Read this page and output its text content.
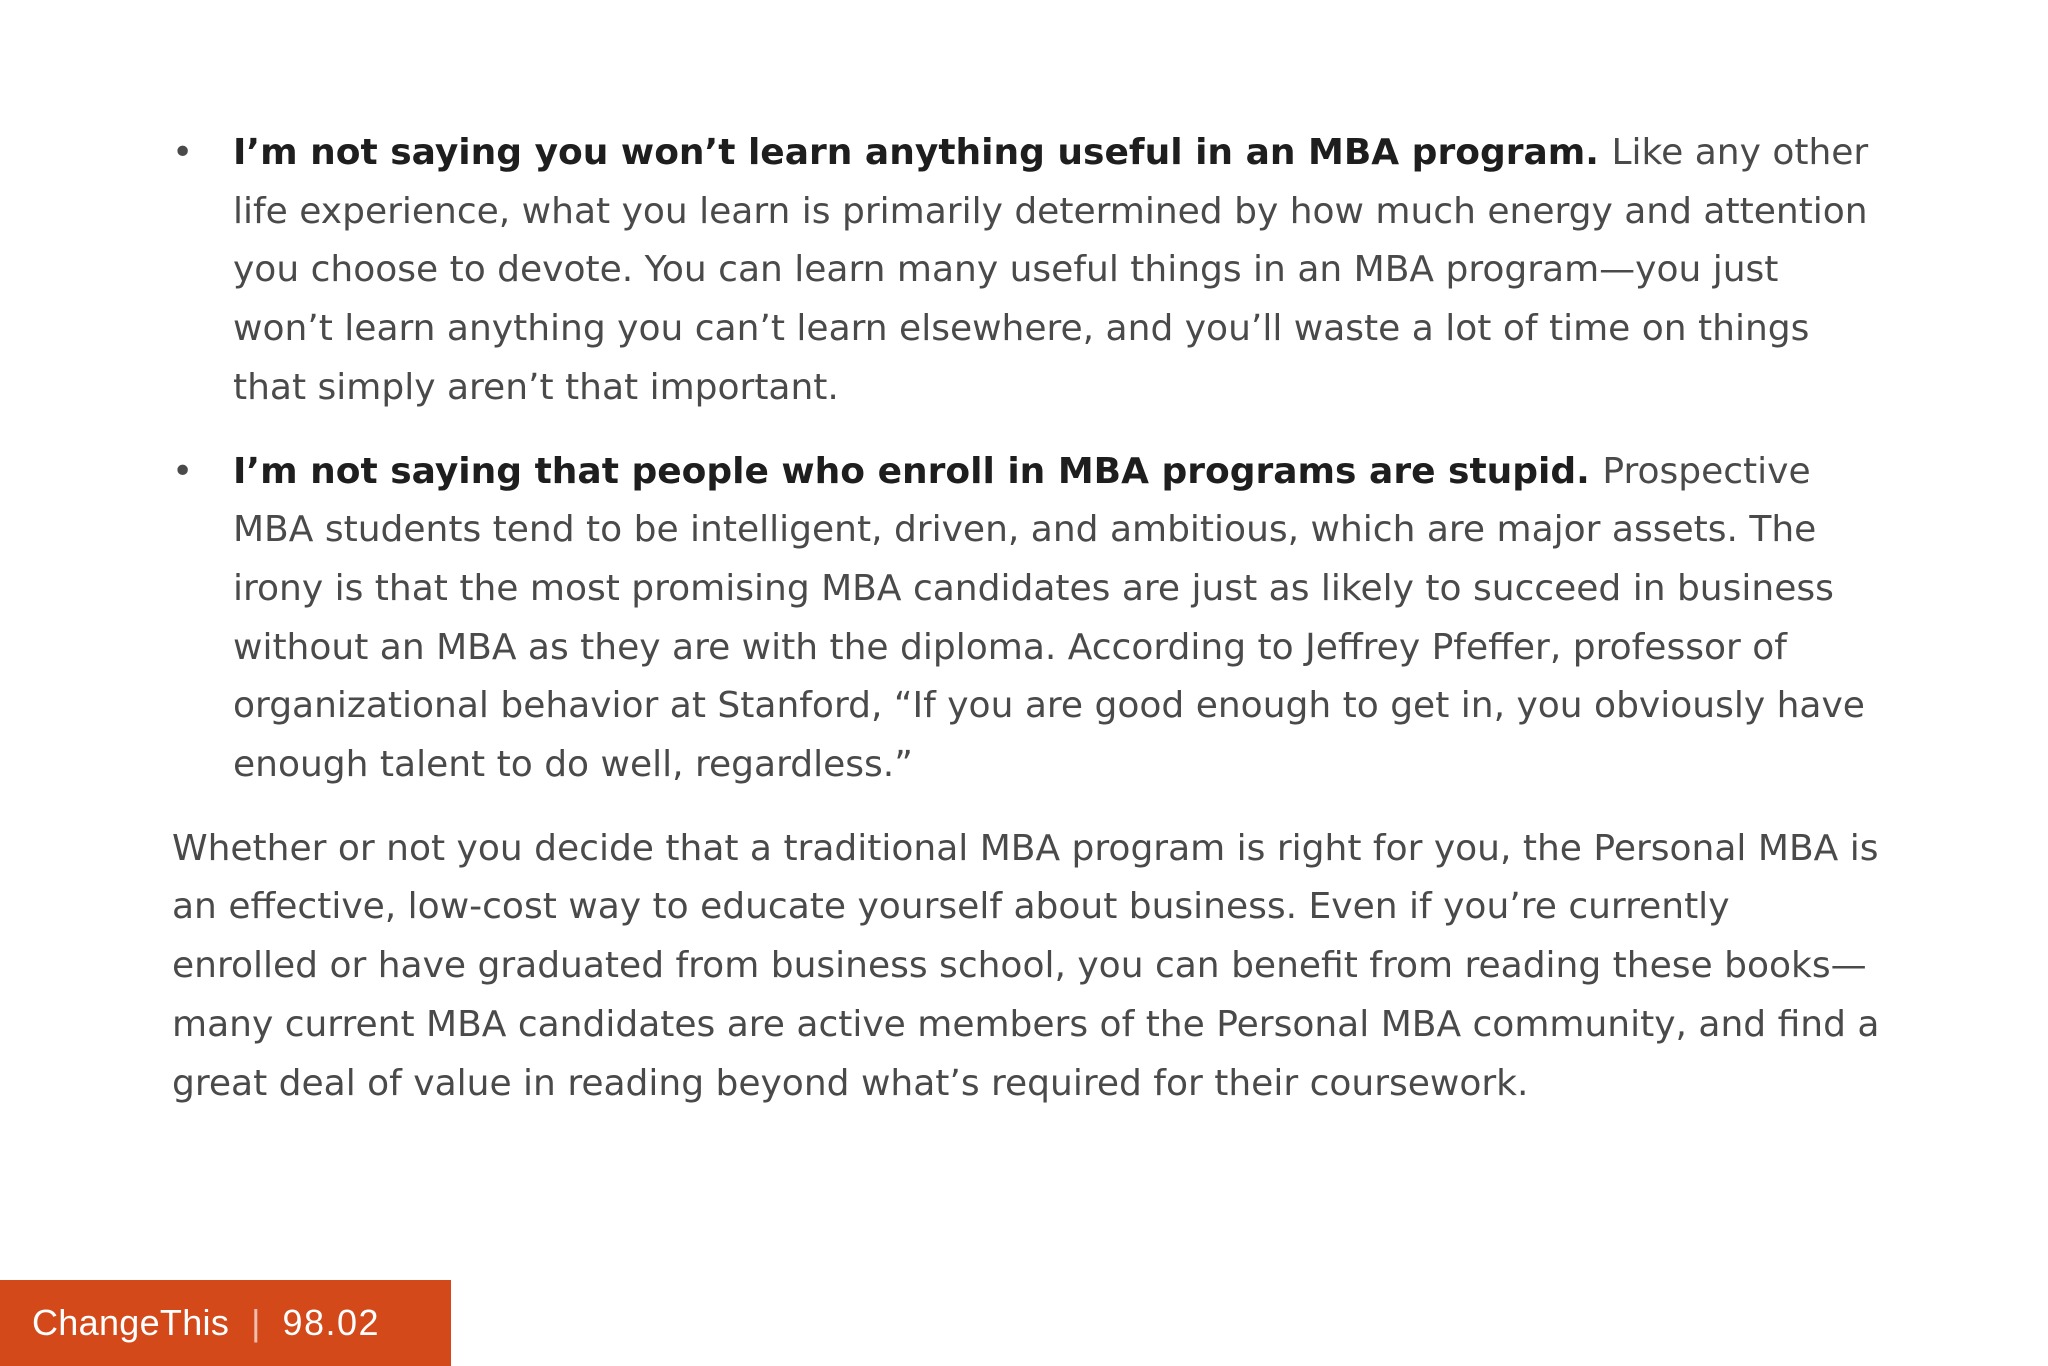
• I’m not saying you won’t learn anything useful in an MBA program. Like any other life experience, what you learn is primarily determined by how much energy and attention you choose to devote. You can learn many useful things in an MBA program—you just won’t learn anything you can’t learn elsewhere, and you’ll waste a lot of time on things that simply aren’t that important.
• I’m not saying that people who enroll in MBA programs are stupid. Prospective MBA students tend to be intelligent, driven, and ambitious, which are major assets. The irony is that the most promising MBA candidates are just as likely to succeed in business without an MBA as they are with the diploma. According to Jeffrey Pfeffer, professor of organizational behavior at Stanford, “If you are good enough to get in, you obviously have enough talent to do well, regardless.”

Whether or not you decide that a traditional MBA program is right for you, the Personal MBA is an effective, low-cost way to educate yourself about business. Even if you’re currently enrolled or have graduated from business school, you can benefit from reading these books—many current MBA candidates are active members of the Personal MBA community, and find a great deal of value in reading beyond what’s required for their coursework.

ChangeThis | 98.02
